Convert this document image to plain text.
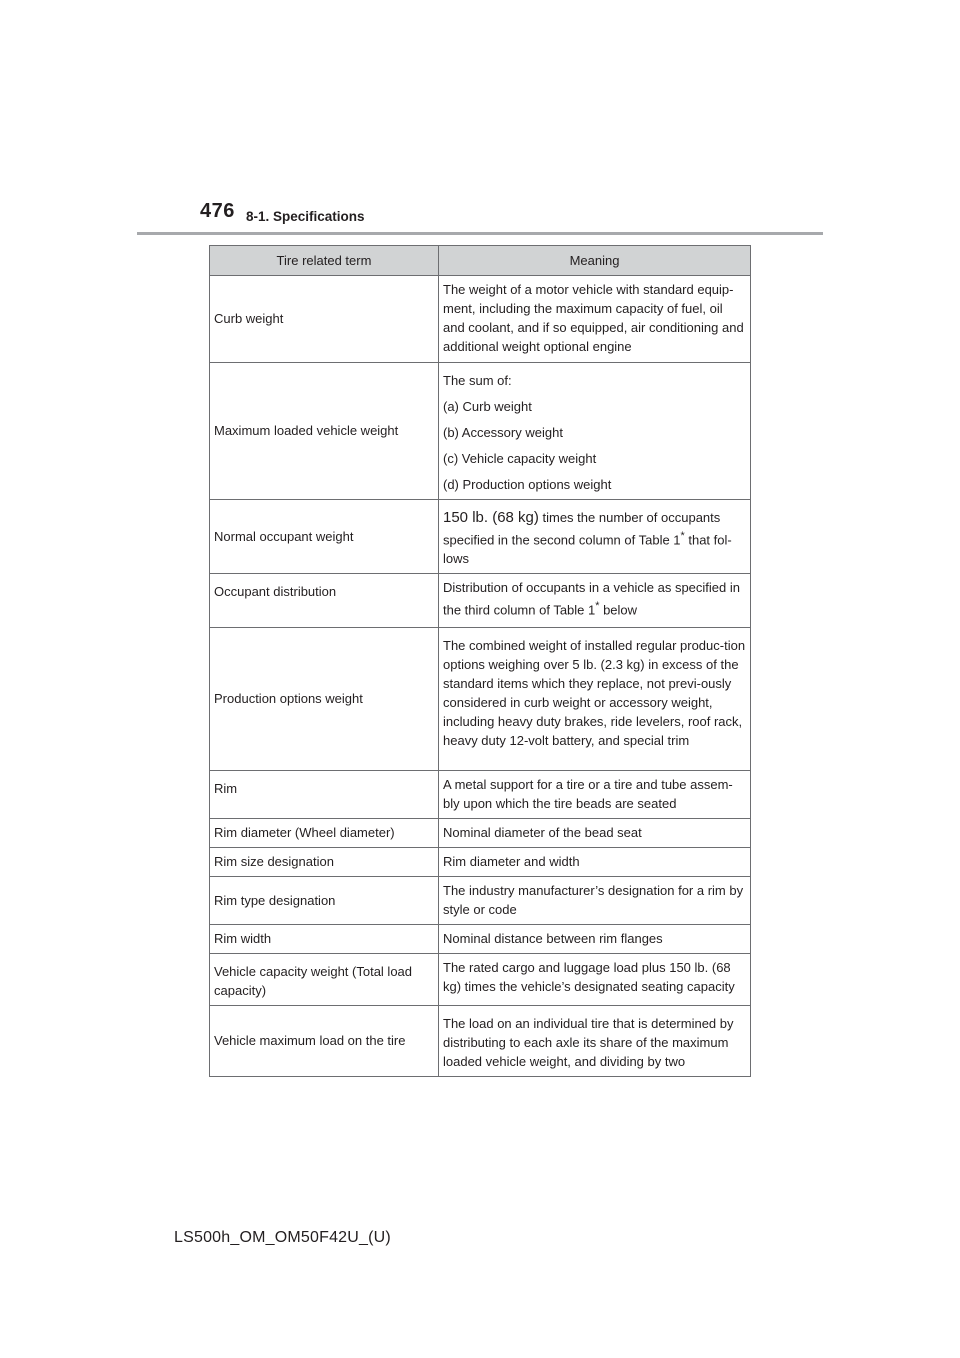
476 8-1. Specifications
Tire related term	Meaning
Curb weight	The weight of a motor vehicle with standard equip-ment, including the maximum capacity of fuel, oil and coolant, and if so equipped, air conditioning and additional weight optional engine
Maximum loaded vehicle weight	The sum of:
(a) Curb weight
(b) Accessory weight
(c) Vehicle capacity weight
(d) Production options weight

Normal occupant weight	150 lb. (68 kg) times the number of occupants specified in the second column of Table 1* that fol-lows
Occupant distribution	Distribution of occupants in a vehicle as specified in the third column of Table 1* below
Production options weight	The combined weight of installed regular produc-tion options weighing over 5 lb. (2.3 kg) in excess of the standard items which they replace, not previ-ously considered in curb weight or accessory weight, including heavy duty brakes, ride levelers, roof rack, heavy duty 12-volt battery, and special trim
Rim	A metal support for a tire or a tire and tube assem-bly upon which the tire beads are seated
Rim diameter (Wheel diameter)	Nominal diameter of the bead seat
Rim size designation	Rim diameter and width
Rim type designation	The industry manufacturer’s designation for a rim by style or code
Rim width	Nominal distance between rim flanges
Vehicle capacity weight (Total load capacity)	The rated cargo and luggage load plus 150 lb. (68 kg) times the vehicle’s designated seating capacity
Vehicle maximum load on the tire	The load on an individual tire that is determined by distributing to each axle its share of the maximum loaded vehicle weight, and dividing by two
LS500h_OM_OM50F42U_(U)
